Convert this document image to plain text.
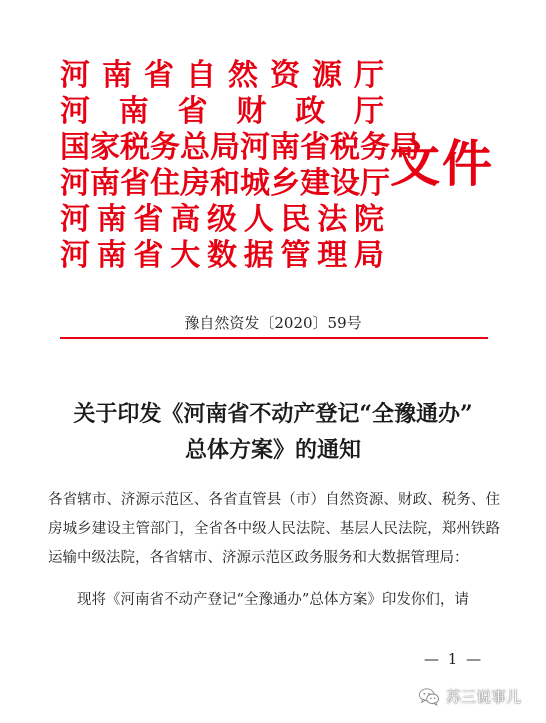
河南省自然资源厅
河南省财政厅
国家税务总局河南省税务局
河南省住房和城乡建设厅
河南省高级人民法院
河南省大数据管理局
文件
豫自然资发〔2020〕59号
关于印发《河南省不动产登记“全豫通办”
总体方案》的通知

各省辖市、济源示范区、各省直管县（市）自然资源、财政、税务、住房城乡建设主管部门，全省各中级人民法院、基层人民法院，郑州铁路运输中级法院，各省辖市、济源示范区政务服务和大数据管理局：

现将《河南省不动产登记“全豫通办”总体方案》印发你们，请

— 1 —
苏三说事儿
